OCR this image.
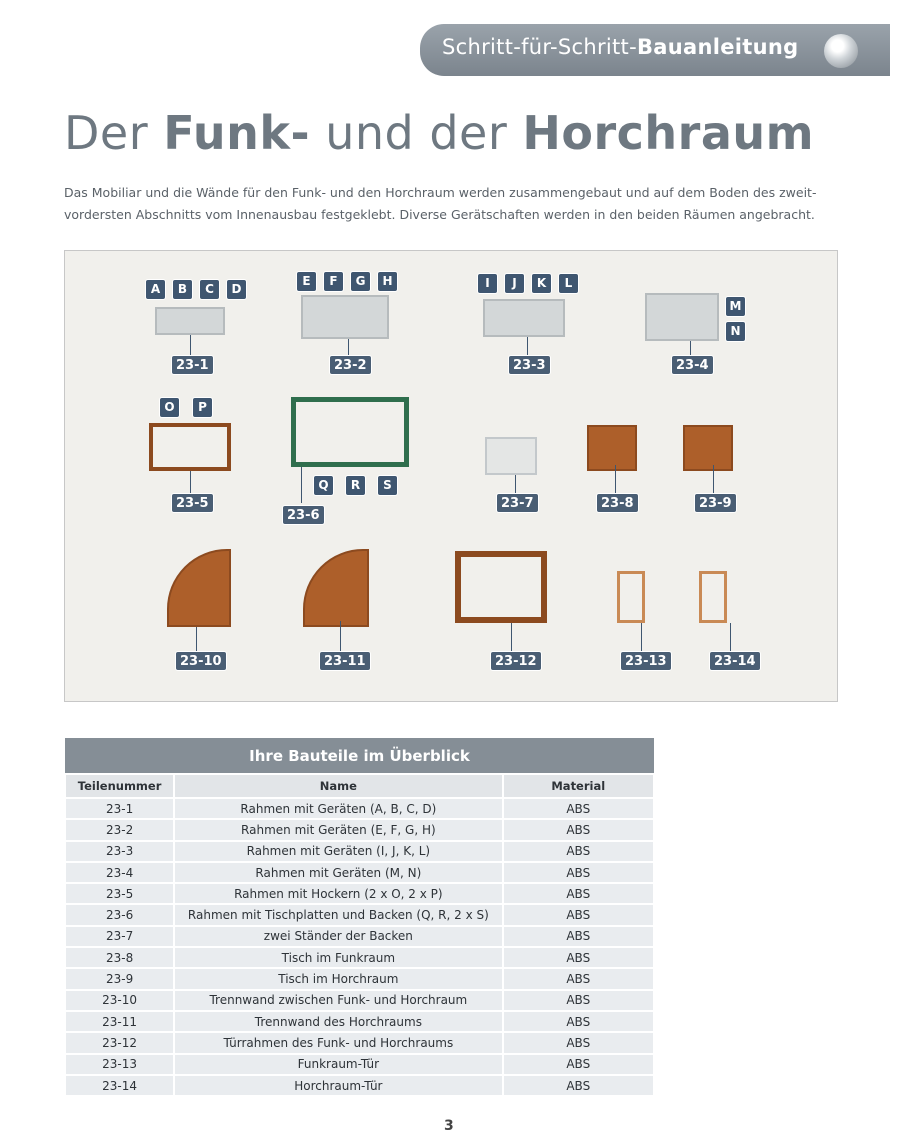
Schritt-für-Schritt-Bauanleitung
Der Funk- und der Horchraum
Das Mobiliar und die Wände für den Funk- und den Horchraum werden zusammengebaut und auf dem Boden des zweit-vordersten Abschnitts vom Innenausbau festgeklebt. Diverse Gerätschaften werden in den beiden Räumen angebracht.
23-1	23-2	23-3	23-4
23-5
23-6
23-7	23-8	23-9
23-10	23-11	23-12	23-13	23-14
A	B	C	D
E	F	G	H	I	J	K	L
M
N
O	P
Q	R	S
Ihre Bauteile im Überblick		
Teilenummer	Name	Material
23-1	Rahmen mit Geräten (A, B, C, D)	ABS
23-2	Rahmen mit Geräten (E, F, G, H)	ABS
23-3	Rahmen mit Geräten (I, J, K, L)	ABS
23-4	Rahmen mit Geräten (M, N)	ABS
23-5	Rahmen mit Hockern (2 x O, 2 x P)	ABS
23-6	Rahmen mit Tischplatten und Backen (Q, R, 2 x S)	ABS
23-7	zwei Ständer der Backen	ABS
23-8	Tisch im Funkraum	ABS
23-9	Tisch im Horchraum	ABS
23-10	Trennwand zwischen Funk- und Horchraum	ABS
23-11	Trennwand des Horchraums	ABS
23-12	Türrahmen des Funk- und Horchraums	ABS
23-13	Funkraum-Tür	ABS
23-14	Horchraum-Tür	ABS
3
